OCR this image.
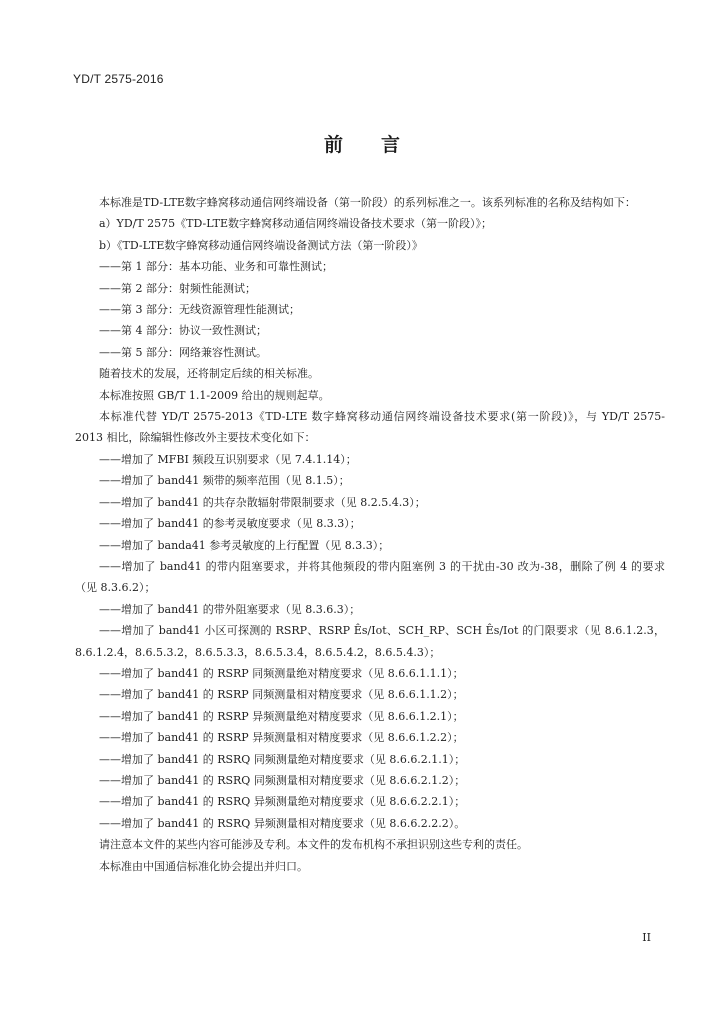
YD/T 2575-2016
前言

本标准是TD-LTE数字蜂窝移动通信网终端设备（第一阶段）的系列标准之一。该系列标准的名称及结构如下：

a）YD/T 2575《TD-LTE数字蜂窝移动通信网终端设备技术要求（第一阶段）》；

b）《TD-LTE数字蜂窝移动通信网终端设备测试方法（第一阶段）》

——第 1 部分：基本功能、业务和可靠性测试；

——第 2 部分：射频性能测试；

——第 3 部分：无线资源管理性能测试；

——第 4 部分：协议一致性测试；

——第 5 部分：网络兼容性测试。

随着技术的发展，还将制定后续的相关标准。

本标准按照 GB/T 1.1-2009 给出的规则起草。

本标准代替 YD/T 2575-2013《TD-LTE 数字蜂窝移动通信网终端设备技术要求(第一阶段)》，与 YD/T 2575-2013 相比，除编辑性修改外主要技术变化如下：

——增加了 MFBI 频段互识别要求（见 7.4.1.14）；

——增加了 band41 频带的频率范围（见 8.1.5）；

——增加了 band41 的共存杂散辐射带限制要求（见 8.2.5.4.3）；

——增加了 band41 的参考灵敏度要求（见 8.3.3）；

——增加了 banda41 参考灵敏度的上行配置（见 8.3.3）；

——增加了 band41 的带内阻塞要求，并将其他频段的带内阻塞例 3 的干扰由-30 改为-38，删除了例 4 的要求（见 8.3.6.2）；

——增加了 band41 的带外阻塞要求（见 8.3.6.3）；

——增加了 band41 小区可探测的 RSRP、RSRP Ês/Iot、SCH_RP、SCH Ês/Iot 的门限要求（见 8.6.1.2.3，8.6.1.2.4，8.6.5.3.2，8.6.5.3.3，8.6.5.3.4，8.6.5.4.2，8.6.5.4.3）；

——增加了 band41 的 RSRP 同频测量绝对精度要求（见 8.6.6.1.1.1）；

——增加了 band41 的 RSRP 同频测量相对精度要求（见 8.6.6.1.1.2）；

——增加了 band41 的 RSRP 异频测量绝对精度要求（见 8.6.6.1.2.1）；

——增加了 band41 的 RSRP 异频测量相对精度要求（见 8.6.6.1.2.2）；

——增加了 band41 的 RSRQ 同频测量绝对精度要求（见 8.6.6.2.1.1）；

——增加了 band41 的 RSRQ 同频测量相对精度要求（见 8.6.6.2.1.2）；

——增加了 band41 的 RSRQ 异频测量绝对精度要求（见 8.6.6.2.2.1）；

——增加了 band41 的 RSRQ 异频测量相对精度要求（见 8.6.6.2.2.2）。

请注意本文件的某些内容可能涉及专利。本文件的发布机构不承担识别这些专利的责任。

本标准由中国通信标准化协会提出并归口。

II
